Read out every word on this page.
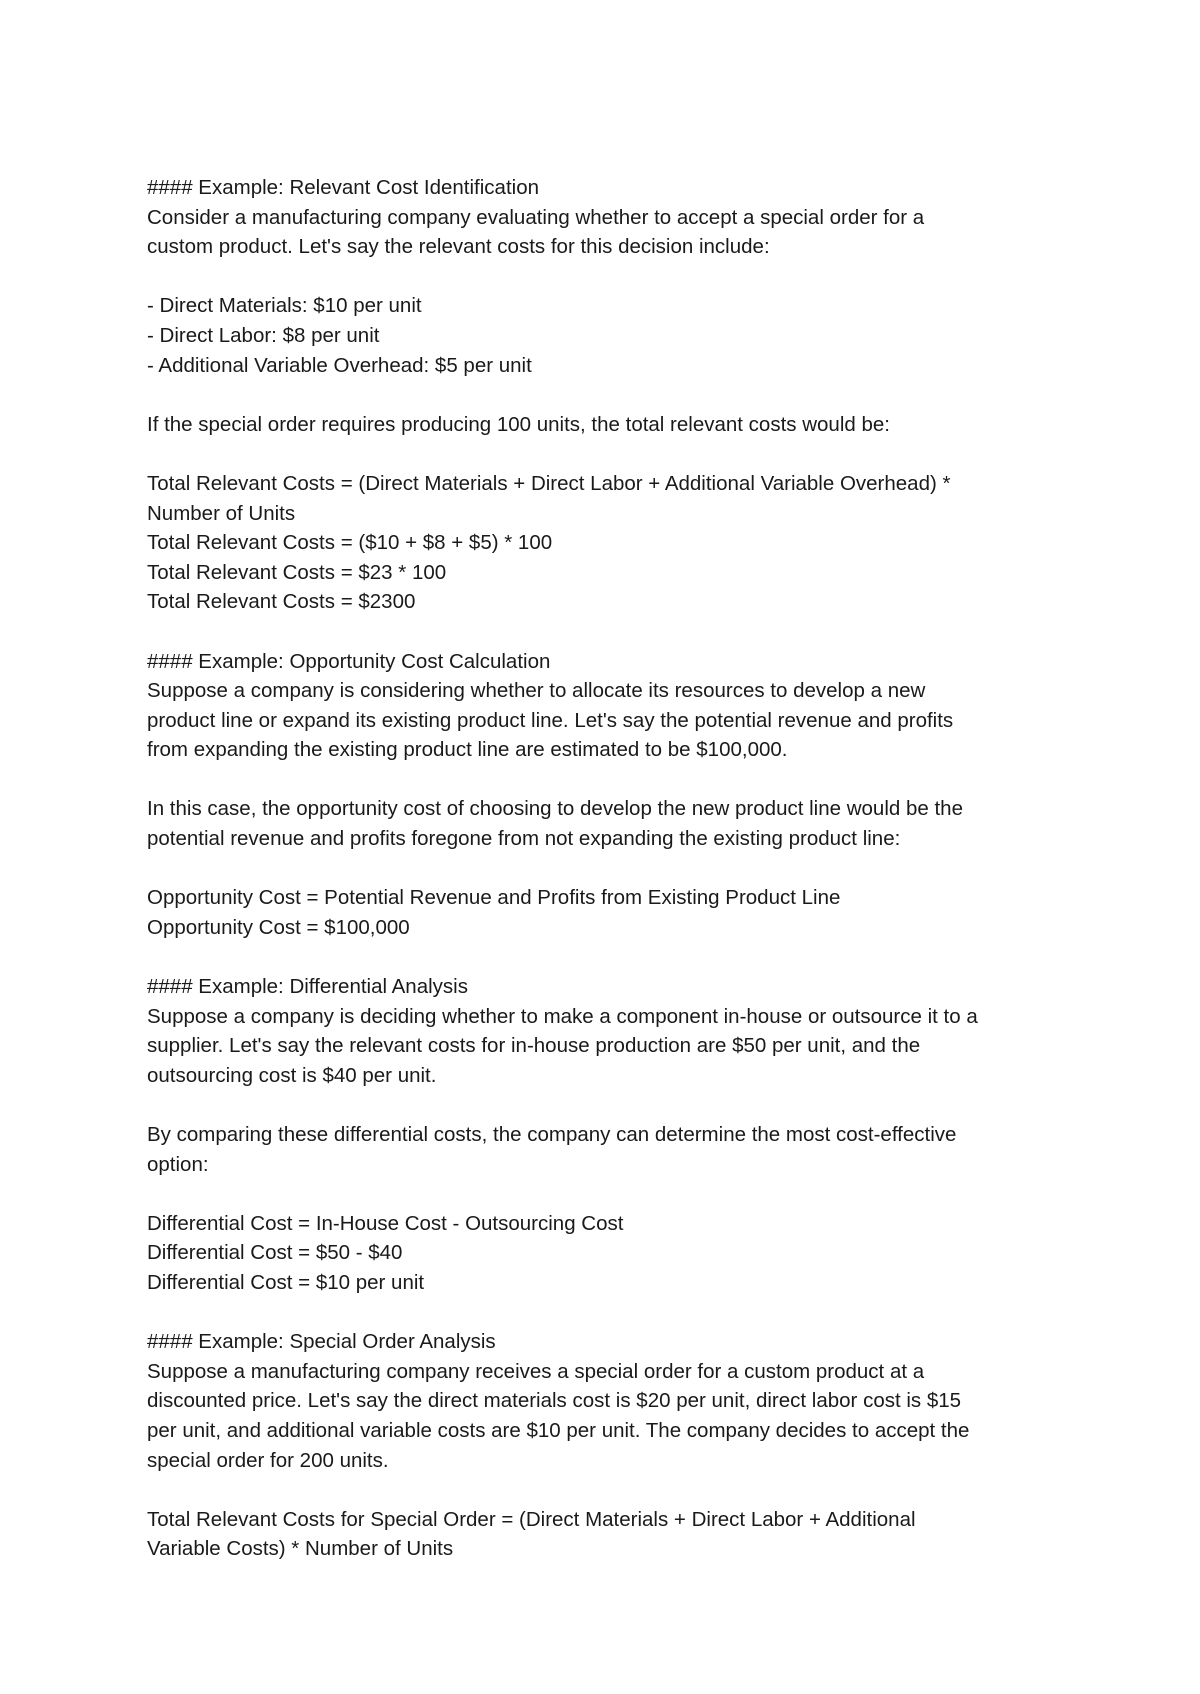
#### Example: Relevant Cost Identification
Consider a manufacturing company evaluating whether to accept a special order for a
custom product. Let's say the relevant costs for this decision include:
- Direct Materials: $10 per unit
- Direct Labor: $8 per unit
- Additional Variable Overhead: $5 per unit
If the special order requires producing 100 units, the total relevant costs would be:
Total Relevant Costs = (Direct Materials + Direct Labor + Additional Variable Overhead) *
Number of Units
Total Relevant Costs = ($10 + $8 + $5) * 100
Total Relevant Costs = $23 * 100
Total Relevant Costs = $2300
#### Example: Opportunity Cost Calculation
Suppose a company is considering whether to allocate its resources to develop a new
product line or expand its existing product line. Let's say the potential revenue and profits
from expanding the existing product line are estimated to be $100,000.
In this case, the opportunity cost of choosing to develop the new product line would be the
potential revenue and profits foregone from not expanding the existing product line:
Opportunity Cost = Potential Revenue and Profits from Existing Product Line
Opportunity Cost = $100,000
#### Example: Differential Analysis
Suppose a company is deciding whether to make a component in-house or outsource it to a
supplier. Let's say the relevant costs for in-house production are $50 per unit, and the
outsourcing cost is $40 per unit.
By comparing these differential costs, the company can determine the most cost-effective
option:
Differential Cost = In-House Cost - Outsourcing Cost
Differential Cost = $50 - $40
Differential Cost = $10 per unit
#### Example: Special Order Analysis
Suppose a manufacturing company receives a special order for a custom product at a
discounted price. Let's say the direct materials cost is $20 per unit, direct labor cost is $15
per unit, and additional variable costs are $10 per unit. The company decides to accept the
special order for 200 units.
Total Relevant Costs for Special Order = (Direct Materials + Direct Labor + Additional
Variable Costs) * Number of Units
